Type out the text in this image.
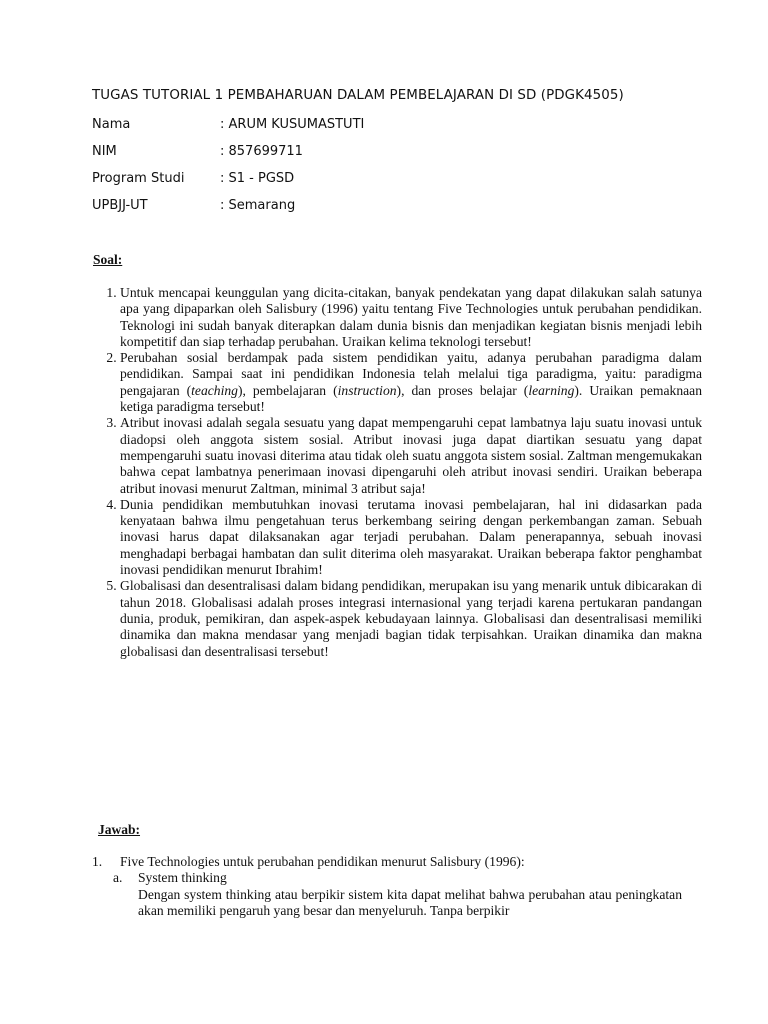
TUGAS TUTORIAL 1 PEMBAHARUAN DALAM PEMBELAJARAN DI SD (PDGK4505)
Nama	: ARUM KUSUMASTUTI
NIM	: 857699711
Program Studi	: S1 - PGSD
UPBJJ-UT	: Semarang
Soal:
1. Untuk mencapai keunggulan yang dicita-citakan, banyak pendekatan yang dapat dilakukan salah satunya apa yang dipaparkan oleh Salisbury (1996) yaitu tentang Five Technologies untuk perubahan pendidikan. Teknologi ini sudah banyak diterapkan dalam dunia bisnis dan menjadikan kegiatan bisnis menjadi lebih kompetitif dan siap terhadap perubahan. Uraikan kelima teknologi tersebut!
2. Perubahan sosial berdampak pada sistem pendidikan yaitu, adanya perubahan paradigma dalam pendidikan. Sampai saat ini pendidikan Indonesia telah melalui tiga paradigma, yaitu: paradigma pengajaran (teaching), pembelajaran (instruction), dan proses belajar (learning). Uraikan pemaknaan ketiga paradigma tersebut!
3. Atribut inovasi adalah segala sesuatu yang dapat mempengaruhi cepat lambatnya laju suatu inovasi untuk diadopsi oleh anggota sistem sosial. Atribut inovasi juga dapat diartikan sesuatu yang dapat mempengaruhi suatu inovasi diterima atau tidak oleh suatu anggota sistem sosial. Zaltman mengemukakan bahwa cepat lambatnya penerimaan inovasi dipengaruhi oleh atribut inovasi sendiri. Uraikan beberapa atribut inovasi menurut Zaltman, minimal 3 atribut saja!
4. Dunia pendidikan membutuhkan inovasi terutama inovasi pembelajaran, hal ini didasarkan pada kenyataan bahwa ilmu pengetahuan terus berkembang seiring dengan perkembangan zaman. Sebuah inovasi harus dapat dilaksanakan agar terjadi perubahan. Dalam penerapannya, sebuah inovasi menghadapi berbagai hambatan dan sulit diterima oleh masyarakat. Uraikan beberapa faktor penghambat inovasi pendidikan menurut Ibrahim!
5. Globalisasi dan desentralisasi dalam bidang pendidikan, merupakan isu yang menarik untuk dibicarakan di tahun 2018. Globalisasi adalah proses integrasi internasional yang terjadi karena pertukaran pandangan dunia, produk, pemikiran, dan aspek-aspek kebudayaan lainnya. Globalisasi dan desentralisasi memiliki dinamika dan makna mendasar yang menjadi bagian tidak terpisahkan. Uraikan dinamika dan makna globalisasi dan desentralisasi tersebut!
Jawab:
1. Five Technologies untuk perubahan pendidikan menurut Salisbury (1996):
a. System thinking
Dengan system thinking atau berpikir sistem kita dapat melihat bahwa perubahan atau peningkatan akan memiliki pengaruh yang besar dan menyeluruh. Tanpa berpikir
